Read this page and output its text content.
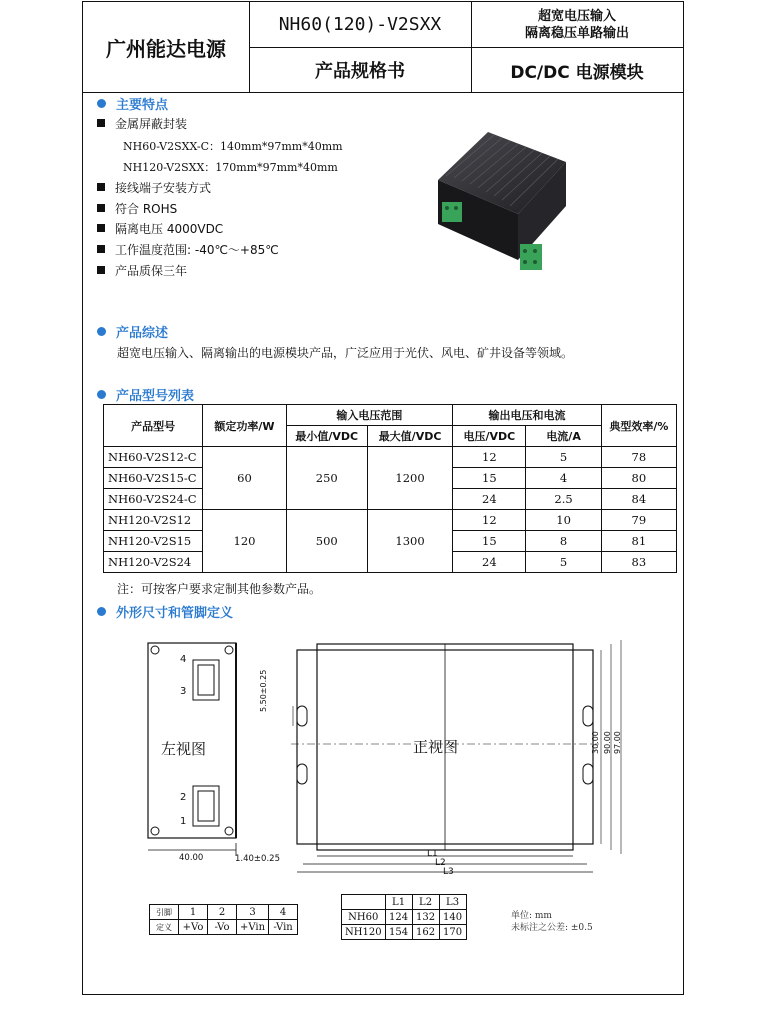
广州能达电源
NH60(120)-V2SXX
产品规格书
超宽电压输入
隔离稳压单路输出
DC/DC 电源模块
主要特点
金属屏蔽封装
NH60-V2SXX-C：140mm*97mm*40mm
NH120-V2SXX：170mm*97mm*40mm
接线端子安装方式
符合 ROHS
隔离电压 4000VDC
工作温度范围: -40℃～+85℃
产品质保三年
产品综述
超宽电压输入、隔离输出的电源模块产品，广泛应用于光伏、风电、矿井设备等领域。
产品型号列表
产品型号	额定功率/W	输入电压范围		输出电压和电流		典型效率/%
		最小值/VDC	最大值/VDC	电压/VDC	电流/A	
NH60-V2S12-C	60	250	1200	12	5	78
NH60-V2S15-C				15	4	80
NH60-V2S24-C				24	2.5	84
NH120-V2S12	120	500	1300	12	10	79
NH120-V2S15				15	8	81
NH120-V2S24				24	5	83
注：可按客户要求定制其他参数产品。
外形尺寸和管脚定义
4
3
2
1
左视图
40.00	1.40±0.25
正视图
L1
L2
L3
5.50±0.25
30.00 90.00 97.00
引脚	1	2	3	4
定义	+Vo	-Vo	+Vin	-Vin
	L1	L2	L3
NH60	124	132	140
NH120	154	162	170
单位: mm
未标注之公差: ±0.5
